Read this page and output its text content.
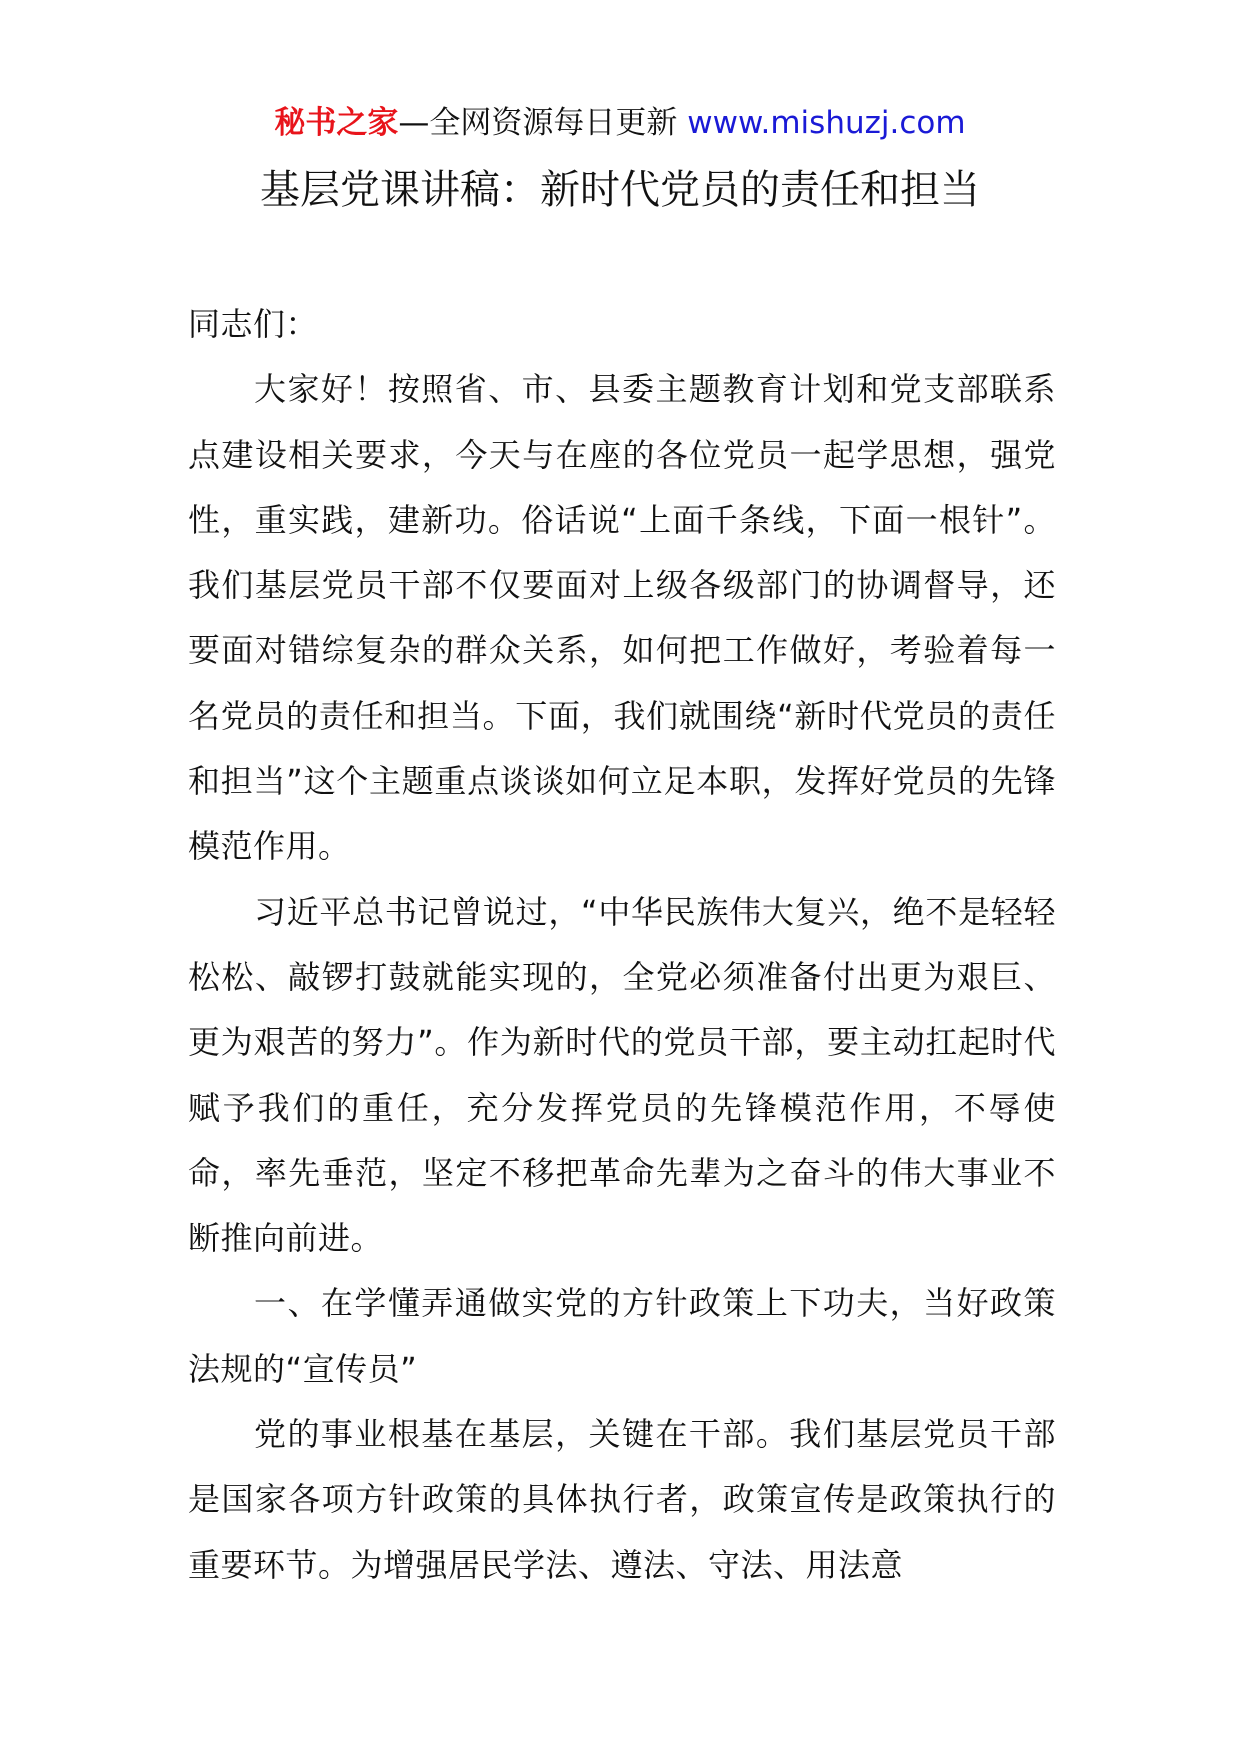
秘书之家—全网资源每日更新 www.mishuzj.com
基层党课讲稿：新时代党员的责任和担当

同志们：

大家好！按照省、市、县委主题教育计划和党支部联系点建设相关要求，今天与在座的各位党员一起学思想，强党性，重实践，建新功。俗话说“上面千条线，下面一根针”。我们基层党员干部不仅要面对上级各级部门的协调督导，还要面对错综复杂的群众关系，如何把工作做好，考验着每一名党员的责任和担当。下面，我们就围绕“新时代党员的责任和担当”这个主题重点谈谈如何立足本职，发挥好党员的先锋模范作用。

习近平总书记曾说过，“中华民族伟大复兴，绝不是轻轻松松、敲锣打鼓就能实现的，全党必须准备付出更为艰巨、更为艰苦的努力”。作为新时代的党员干部，要主动扛起时代赋予我们的重任，充分发挥党员的先锋模范作用，不辱使命，率先垂范，坚定不移把革命先辈为之奋斗的伟大事业不断推向前进。

一、在学懂弄通做实党的方针政策上下功夫，当好政策法规的“宣传员”

党的事业根基在基层，关键在干部。我们基层党员干部是国家各项方针政策的具体执行者，政策宣传是政策执行的重要环节。为增强居民学法、遵法、守法、用法意
